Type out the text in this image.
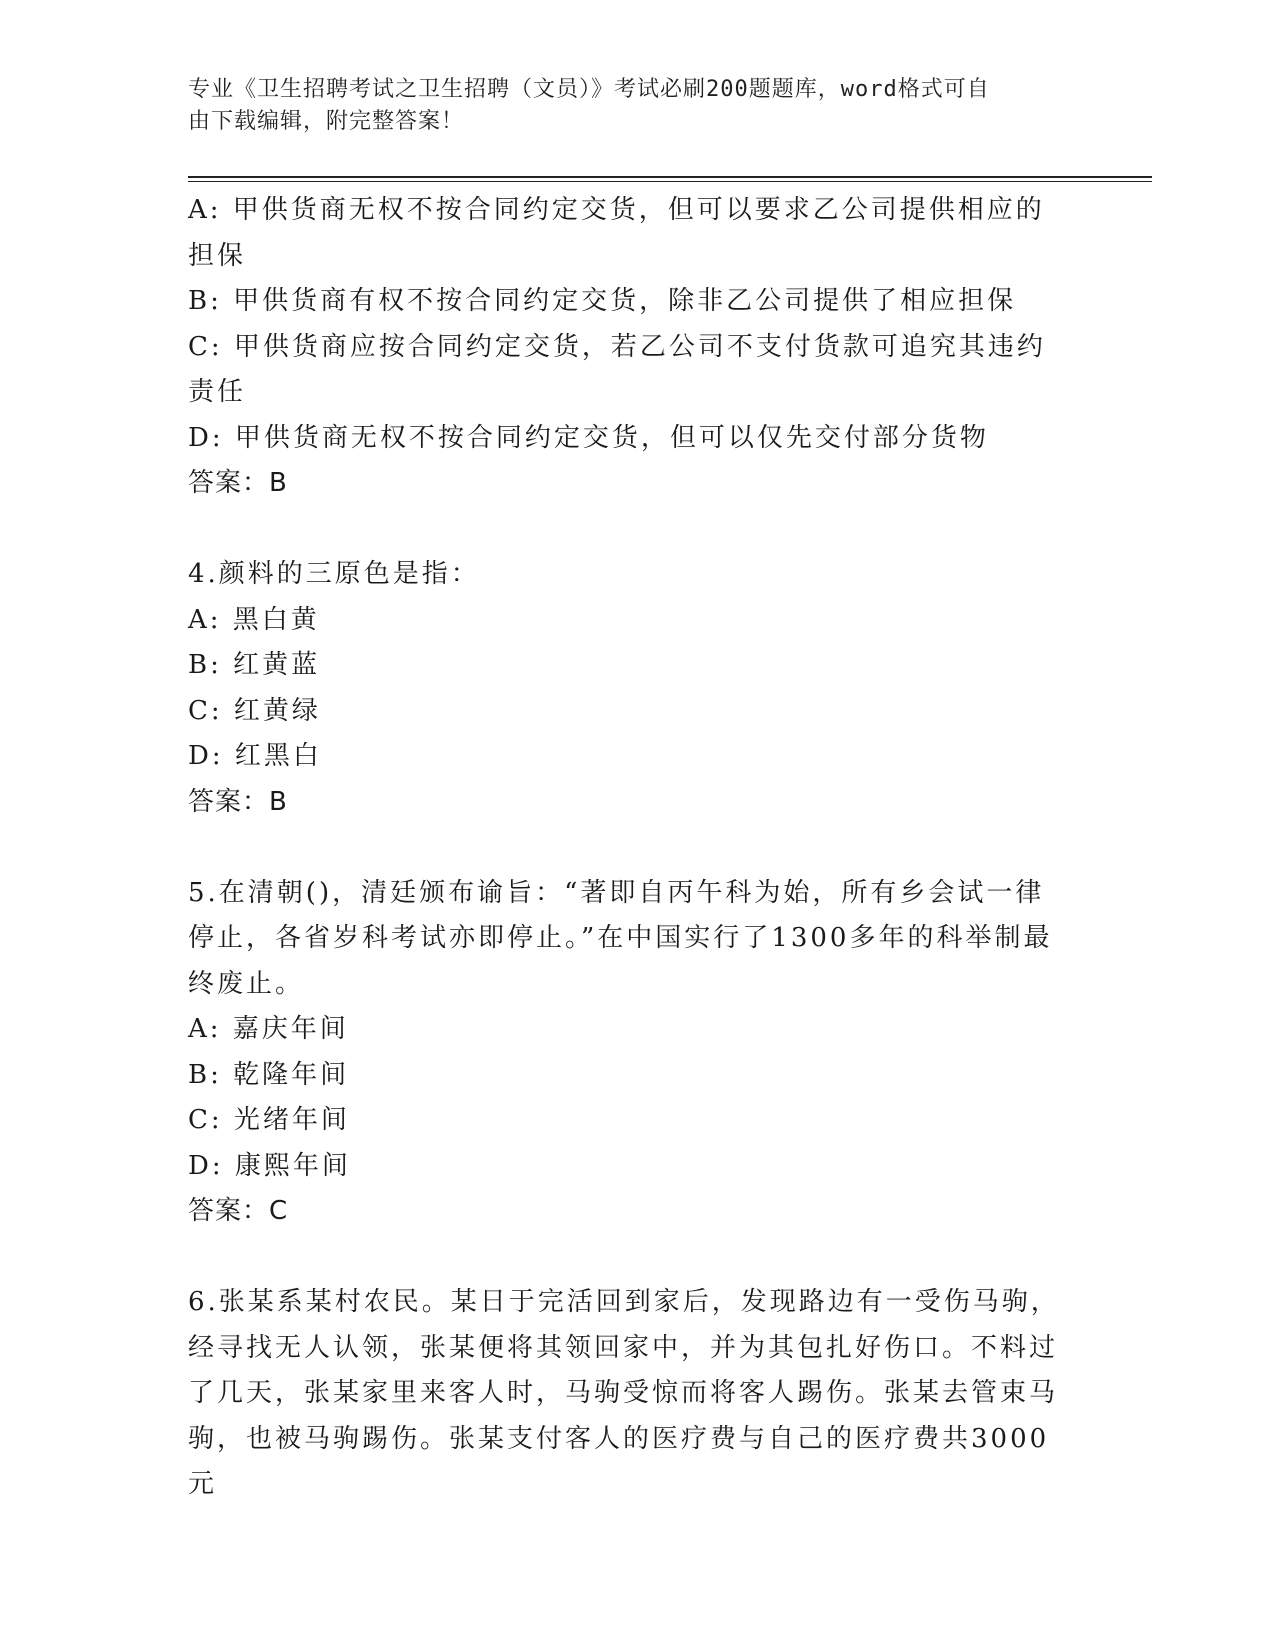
专业《卫生招聘考试之卫生招聘（文员）》考试必刷200题题库，word格式可自
由下载编辑，附完整答案！

A: 甲供货商无权不按合同约定交货，但可以要求乙公司提供相应的担保

B: 甲供货商有权不按合同约定交货，除非乙公司提供了相应担保

C: 甲供货商应按合同约定交货，若乙公司不支付货款可追究其违约责任

D: 甲供货商无权不按合同约定交货，但可以仅先交付部分货物

答案：B

4.颜料的三原色是指：

A: 黑白黄

B: 红黄蓝

C: 红黄绿

D: 红黑白

答案：B

5.在清朝()，清廷颁布谕旨：“著即自丙午科为始，所有乡会试一律停止，各省岁科考试亦即停止。”在中国实行了1300多年的科举制最终废止。

A: 嘉庆年间

B: 乾隆年间

C: 光绪年间

D: 康熙年间

答案：C

6.张某系某村农民。某日于完活回到家后，发现路边有一受伤马驹，经寻找无人认领，张某便将其领回家中，并为其包扎好伤口。不料过了几天，张某家里来客人时，马驹受惊而将客人踢伤。张某去管束马驹，也被马驹踢伤。张某支付客人的医疗费与自己的医疗费共3000元
